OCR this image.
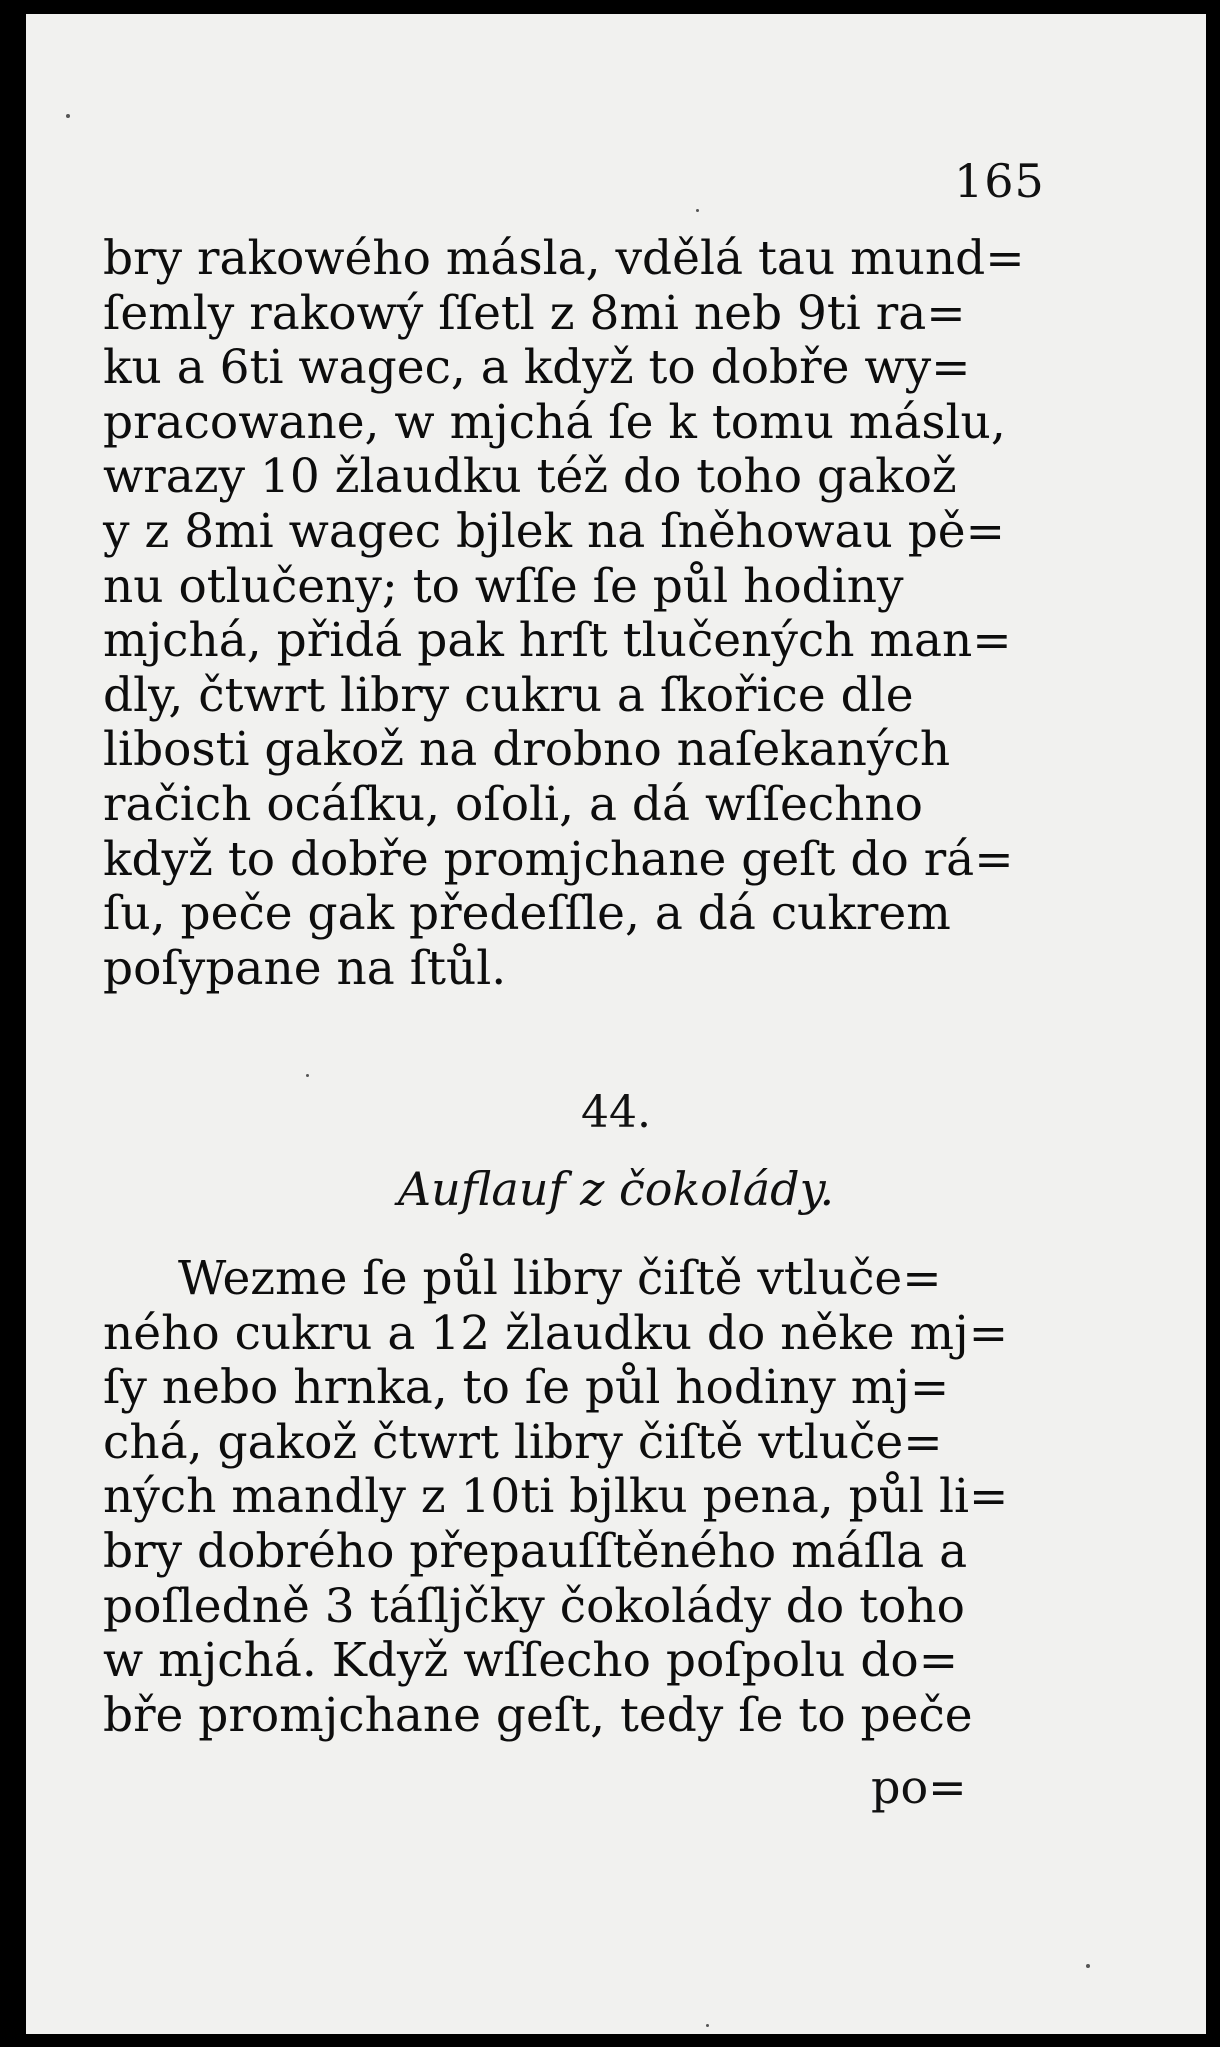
165
bry rakowého másla, vdělá tau mund=
ſemly rakowý ſſetl z 8mi neb 9ti ra=
ku a 6ti wagec, a když to dobře wy=
pracowane, w mjchá ſe k tomu máslu,
wrazy 10 žlaudku též do toho gakož
y z 8mi wagec bjlek na ſněhowau pě=
nu otlučeny; to wſſe ſe půl hodiny
mjchá, přidá pak hrſt tlučených man=
dly, čtwrt libry cukru a ſkořice dle
libosti gakož na drobno naſekaných
račich ocáſku, oſoli, a dá wſſechno
když to dobře promjchane geſt do rá=
ſu, peče gak předeſſle, a dá cukrem
poſypane na ſtůl.
44.
Auflauf z čokolády.
Wezme ſe půl libry čiſtě vtluče=
ného cukru a 12 žlaudku do něke mj=
ſy nebo hrnka, to ſe půl hodiny mj=
chá, gakož čtwrt libry čiſtě vtluče=
ných mandly z 10ti bjlku pena, půl li=
bry dobrého přepauſſtěného máſla a
poſledně 3 táſljčky čokolády do toho
w mjchá. Když wſſecho poſpolu do=
bře promjchane geſt, tedy ſe to peče
po=
